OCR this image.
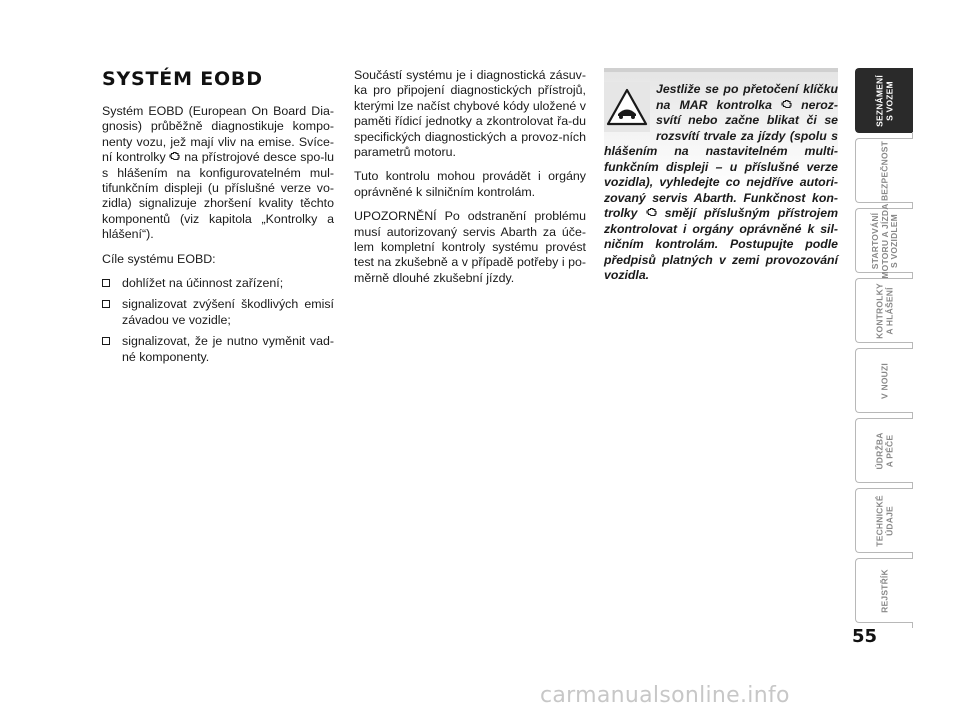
SYSTÉM EOBD

Systém EOBD (European On Board Dia-gnosis) průběžně diagnostikuje kompo-nenty vozu, jež mají vliv na emise. Svíce-ní kontrolky  na přístrojové desce spo-lu s hlášením na konfigurovatelném mul-tifunkčním displeji (u příslušné verze vo-zidla) signalizuje zhoršení kvality těchto komponentů (viz kapitola „Kontrolky a hlášení“).

Cíle systému EOBD:

dohlížet na účinnost zařízení;
signalizovat zvýšení škodlivých emisí závadou ve vozidle;
signalizovat, že je nutno vyměnit vad-né komponenty.

Součástí systému je i diagnostická zásuv-ka pro připojení diagnostických přístrojů, kterými lze načíst chybové kódy uložené v paměti řídicí jednotky a zkontrolovat řa-du specifických diagnostických a provoz-ních parametrů motoru.

Tuto kontrolu mohou provádět i orgány oprávněné k silničním kontrolám.

UPOZORNĚNÍ Po odstranění problému musí autorizovaný servis Abarth za úče-lem kompletní kontroly systému provést test na zkušebně a v případě potřeby i po-měrně dlouhé zkušební jízdy.

Jestliže se po přetočení klíčku na MAR kontrolka  neroz-svítí nebo začne blikat či se rozsvítí trvale za jízdy (spolu s hlášením na nastavitelném multi-funkčním displeji – u příslušné verze vozidla), vyhledejte co nejdříve autori-zovaný servis Abarth. Funkčnost kon-trolky  smějí příslušným přístrojem zkontrolovat i orgány oprávněné k sil-ničním kontrolám. Postupujte podle předpisů platných v zemi provozování vozidla.

SEZNÁMENÍ
S VOZEM
BEZPEČNOST
STARTOVÁNÍ
MOTORU A JÍZDA
S VOZIDLEM
KONTROLKY
A HLÁŠENÍ
V NOUZI
ÚDRŽBA
A PÉČE
TECHNICKÉ
ÚDAJE
REJSTŘÍK
55
carmanualsonline.info
